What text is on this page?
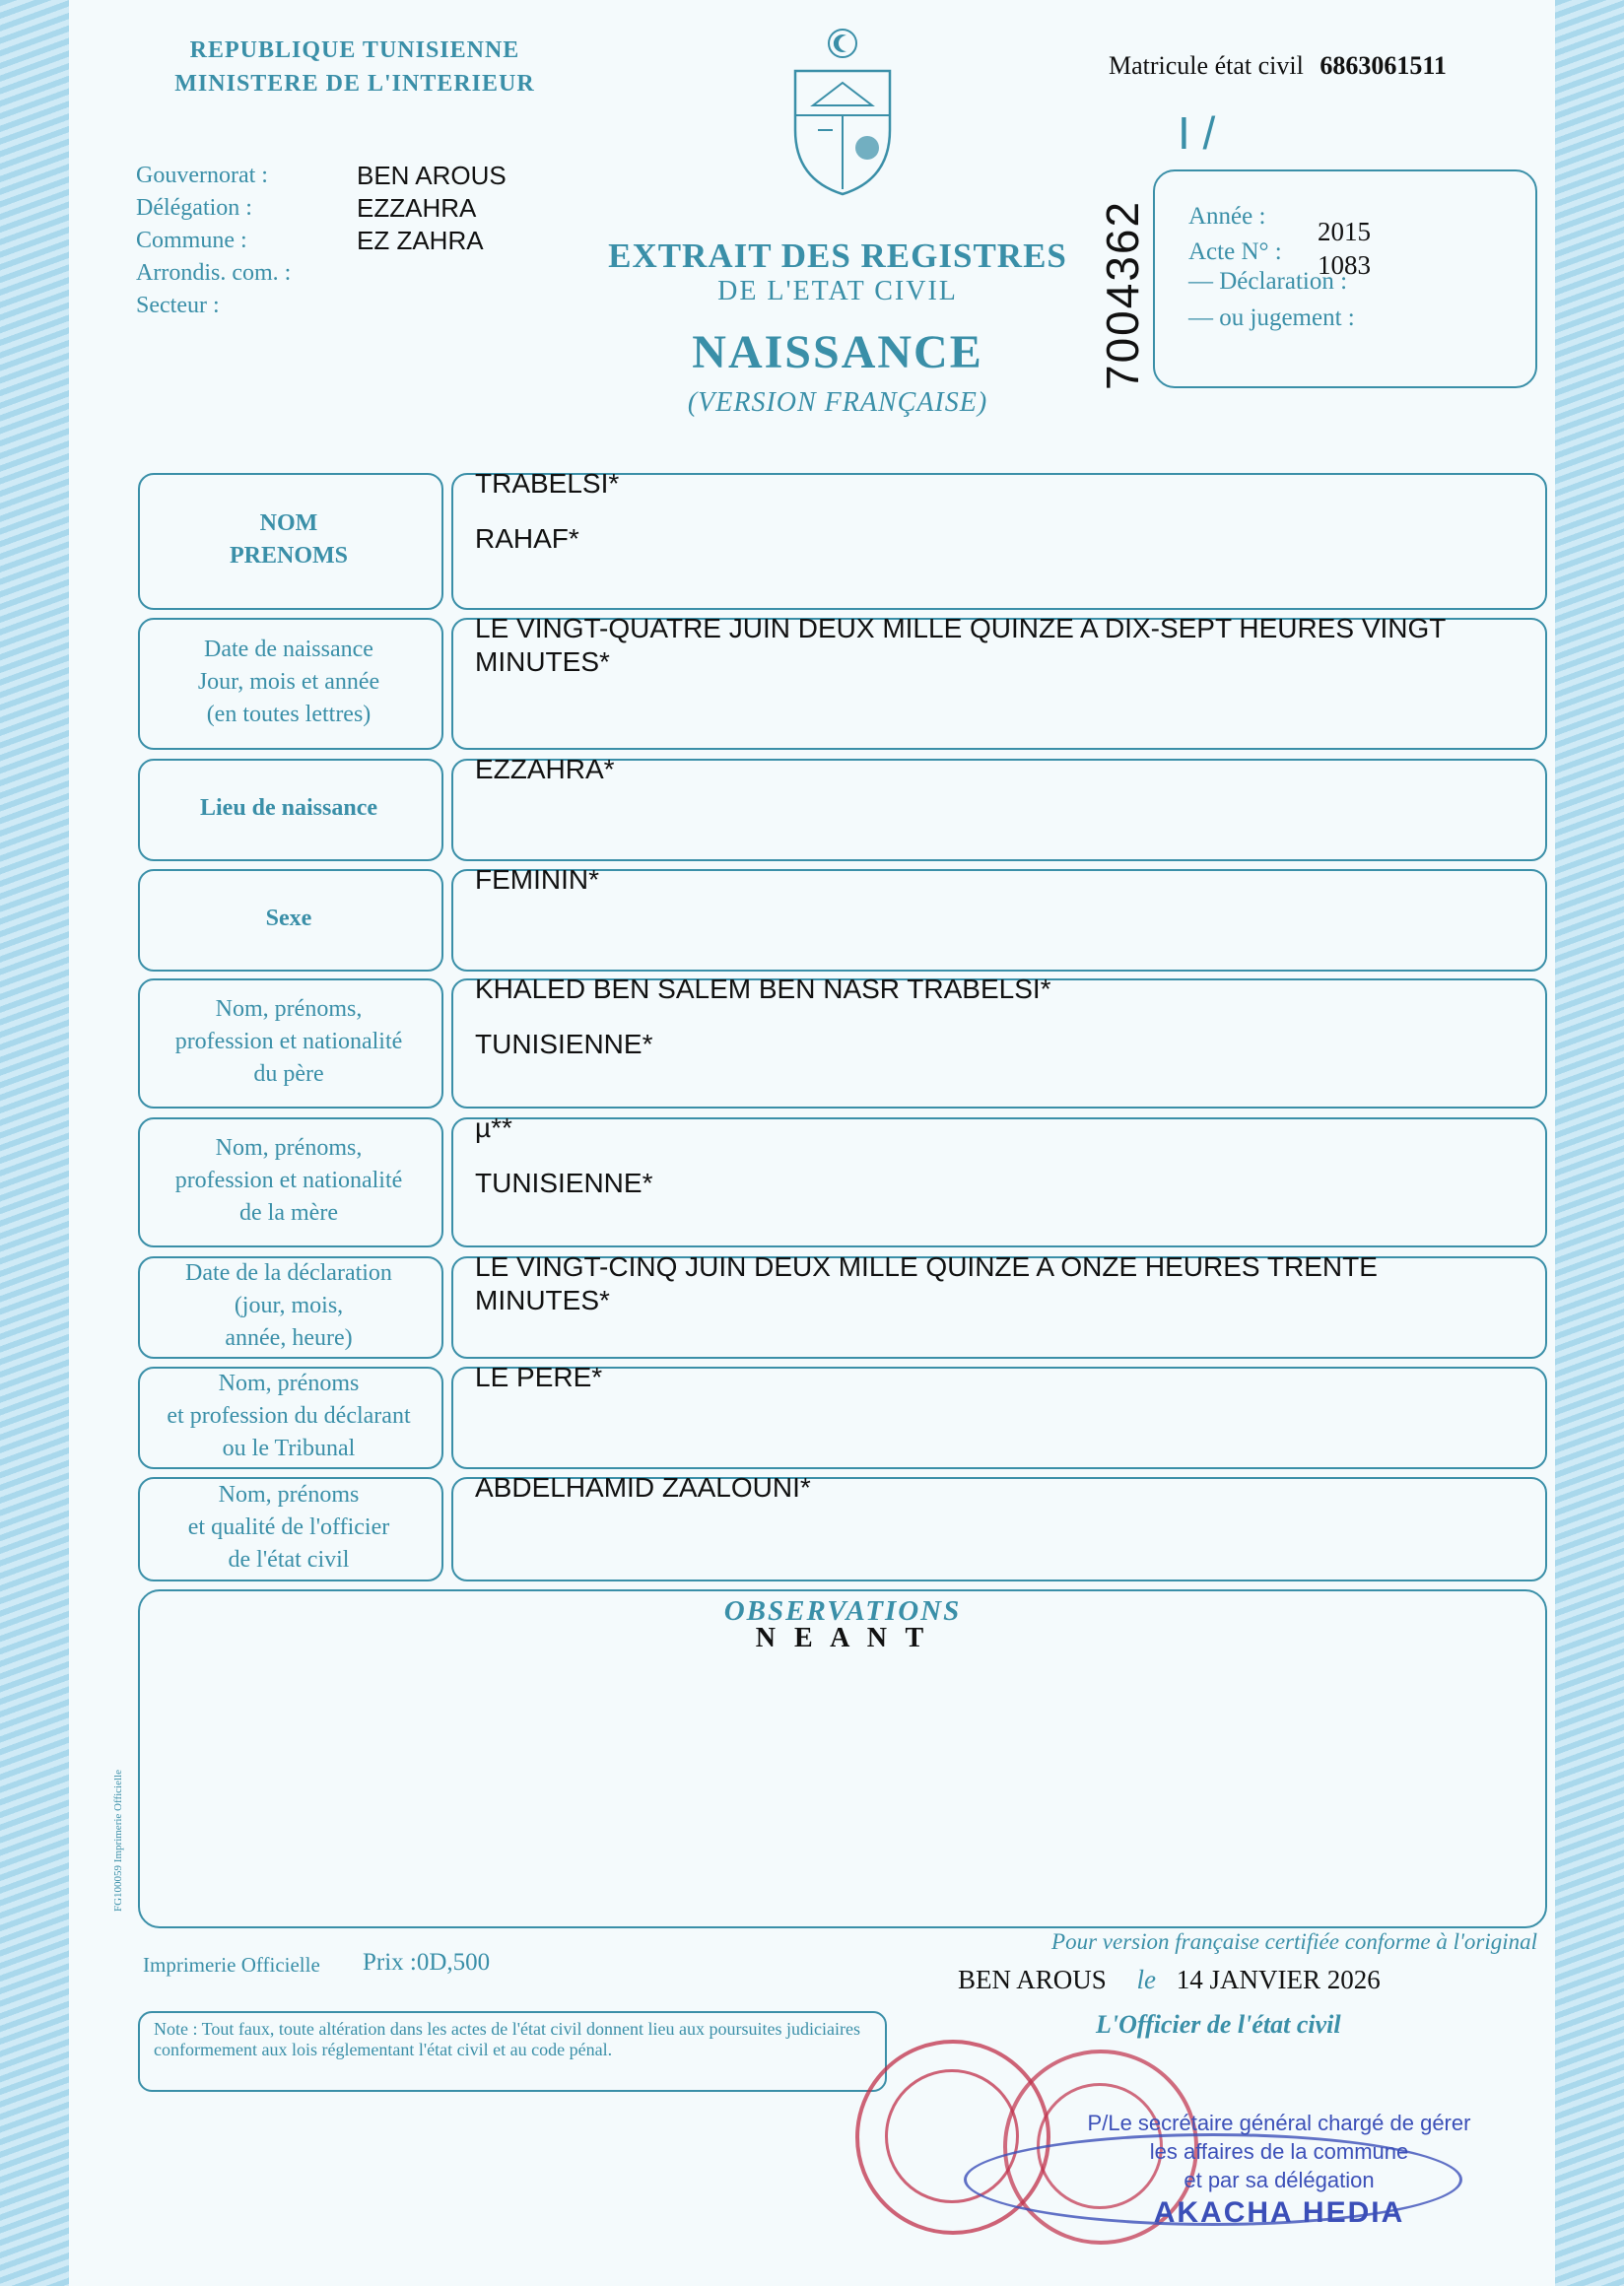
REPUBLIQUE TUNISIENNE
MINISTERE DE L'INTERIEUR
Matricule état civil 6863061511
I /
7004362
Gouvernorat :
Délégation :
Commune :
Arrondis. com. :
Secteur :
BEN AROUS
EZZAHRA
EZ ZAHRA	EXTRAIT DES REGISTRES
DE L'ETAT CIVIL
NAISSANCE
(VERSION FRANÇAISE)
Année :
2015
Acte N° : 1083
— Déclaration :
— ou jugement :
NOM
PRENOMS
TRABELSI*
RAHAF*
Date de naissance
Jour, mois et année
(en toutes lettres)
LE VINGT-QUATRE JUIN DEUX MILLE QUINZE A DIX-SEPT HEURES VINGT
MINUTES*
Lieu de naissance
EZZAHRA*
Sexe
FEMININ*
Nom, prénoms,
profession et nationalité
du père
KHALED BEN SALEM BEN NASR TRABELSI*
TUNISIENNE*
Nom, prénoms,
profession et nationalité
de la mère
µ**
TUNISIENNE*
Date de la déclaration
(jour, mois,
année, heure)
LE VINGT-CINQ JUIN DEUX MILLE QUINZE A ONZE HEURES TRENTE
MINUTES*
Nom, prénoms
et profession du déclarant
ou le Tribunal
LE PERE*
Nom, prénoms
et qualité de l'officier
de l'état civil
ABDELHAMID ZAALOUNI*
OBSERVATIONS
N E A N T
FG100059 Imprimerie Officielle
Imprimerie Officielle Prix :0D,500
Note : Tout faux, toute altération dans les actes de l'état civil donnent lieu aux poursuites judiciaires conformement aux lois réglementant l'état civil et au code pénal.
Pour version française certifiée conforme à l'original
BEN AROUS le 14 JANVIER 2026
L'Officier de l'état civil
P/Le secrétaire général chargé de gérer
les affaires de la commune
et par sa délégation
AKACHA HEDIA
